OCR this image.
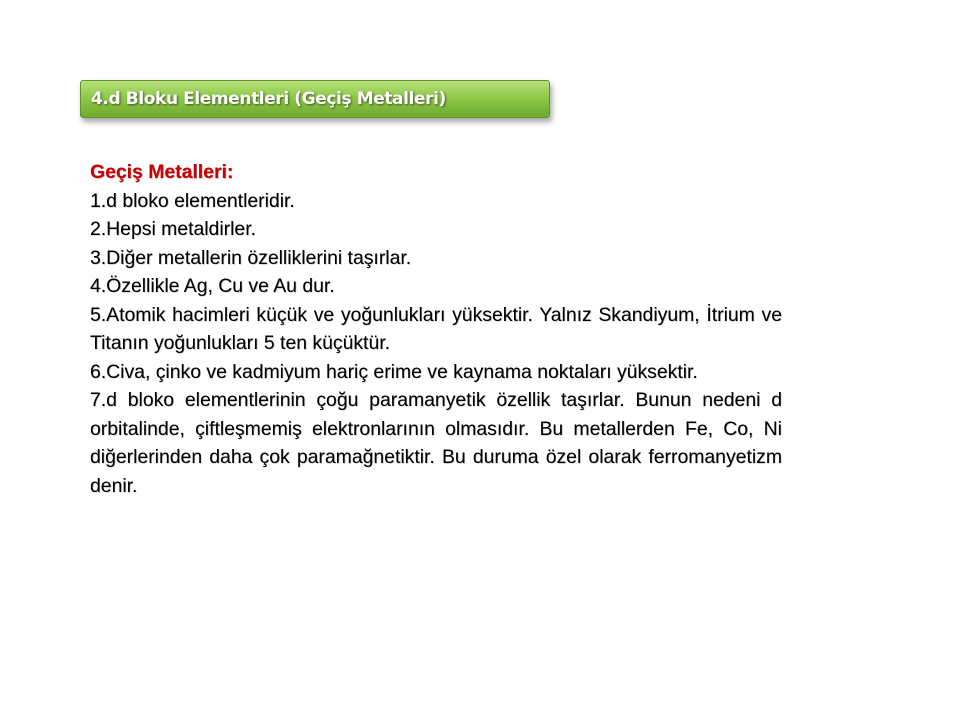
4.d Bloku Elementleri (Geçiş Metalleri)
Geçiş Metalleri:

1.d bloko elementleridir.

2.Hepsi metaldirler.

3.Diğer metallerin özelliklerini taşırlar.

4.Özellikle Ag, Cu ve Au dur.

5.Atomik hacimleri küçük ve yoğunlukları yüksektir. Yalnız Skandiyum, İtrium ve Titanın yoğunlukları 5 ten küçüktür.

6.Civa, çinko ve kadmiyum hariç erime ve kaynama noktaları yüksektir.

7.d bloko elementlerinin çoğu paramanyetik özellik taşırlar. Bunun nedeni d orbitalinde, çiftleşmemiş elektronlarının olmasıdır. Bu metallerden Fe, Co, Ni diğerlerinden daha çok paramağnetiktir. Bu duruma özel olarak ferromanyetizm denir.
